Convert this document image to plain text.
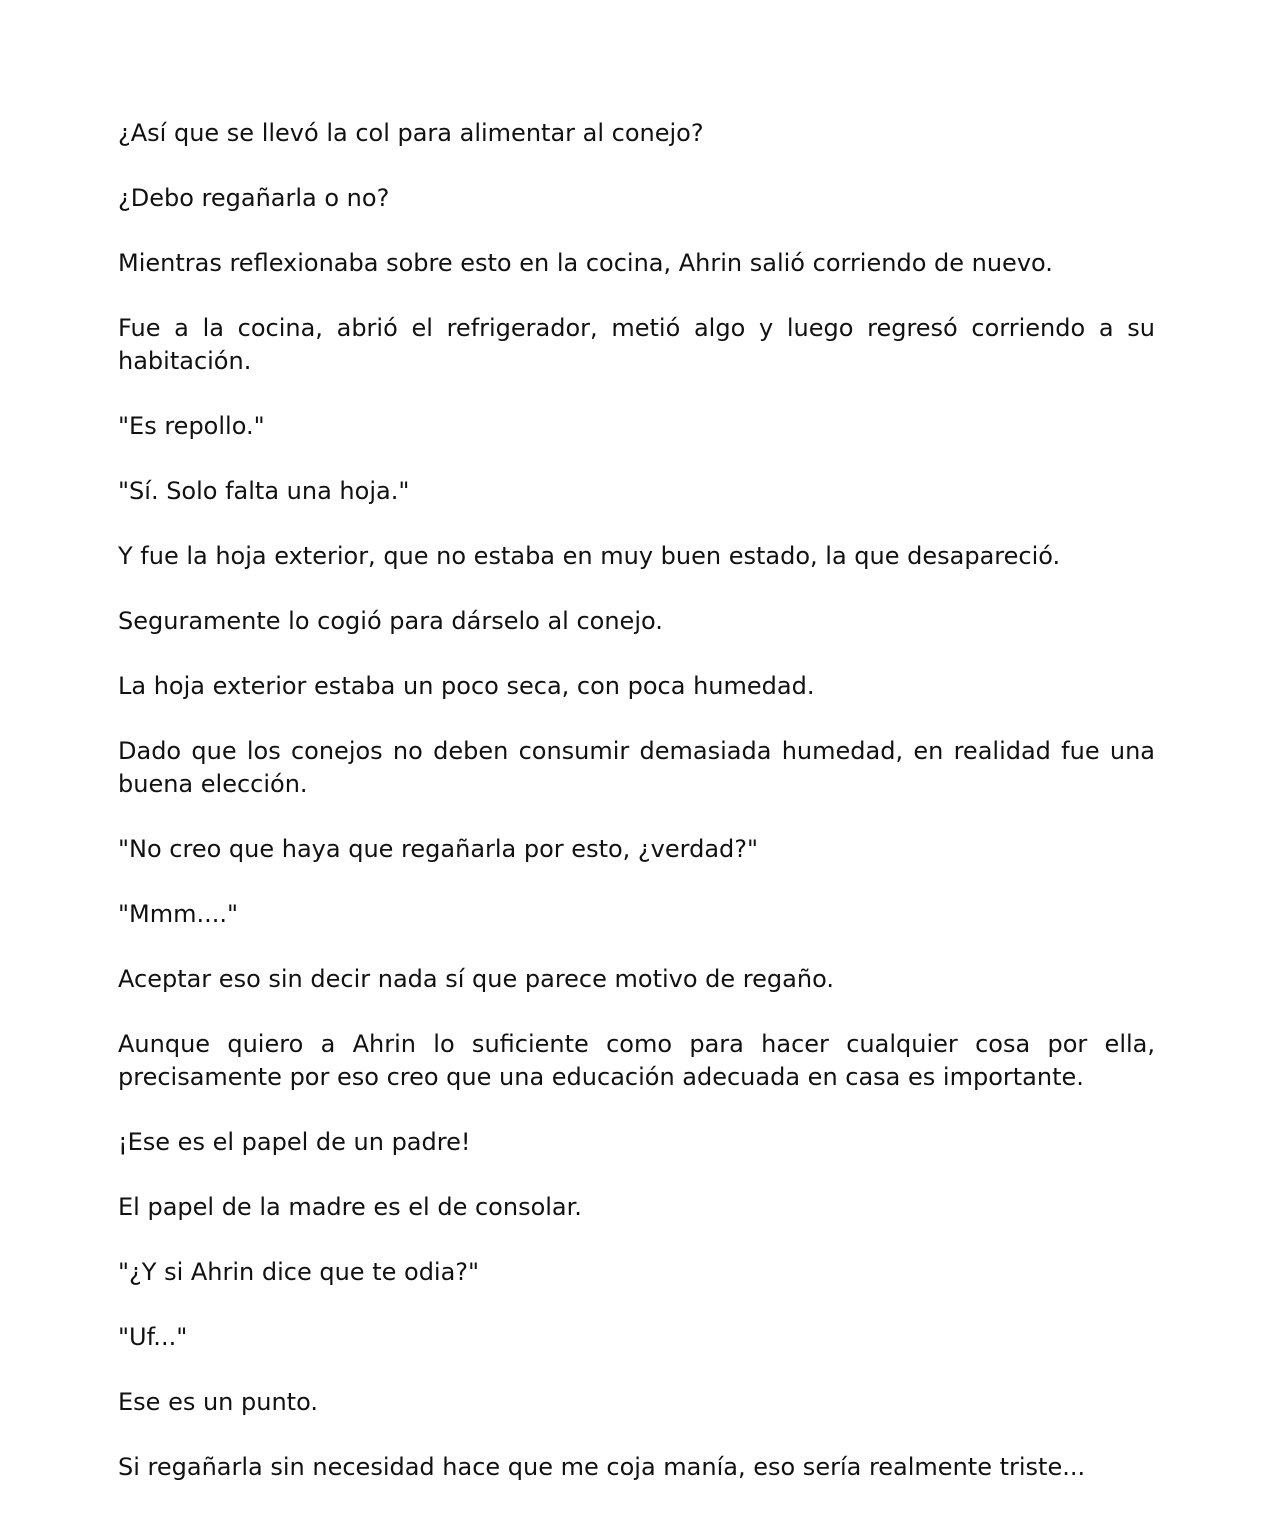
¿Así que se llevó la col para alimentar al conejo?

¿Debo regañarla o no?

Mientras reflexionaba sobre esto en la cocina, Ahrin salió corriendo de nuevo.

Fue a la cocina, abrió el refrigerador, metió algo y luego regresó corriendo a su habitación.

"Es repollo."

"Sí. Solo falta una hoja."

Y fue la hoja exterior, que no estaba en muy buen estado, la que desapareció.

Seguramente lo cogió para dárselo al conejo.

La hoja exterior estaba un poco seca, con poca humedad.

Dado que los conejos no deben consumir demasiada humedad, en realidad fue una buena elección.

"No creo que haya que regañarla por esto, ¿verdad?"

"Mmm...."

Aceptar eso sin decir nada sí que parece motivo de regaño.

Aunque quiero a Ahrin lo suficiente como para hacer cualquier cosa por ella, precisamente por eso creo que una educación adecuada en casa es importante.

¡Ese es el papel de un padre!

El papel de la madre es el de consolar.

"¿Y si Ahrin dice que te odia?"

"Uf..."

Ese es un punto.

Si regañarla sin necesidad hace que me coja manía, eso sería realmente triste...
